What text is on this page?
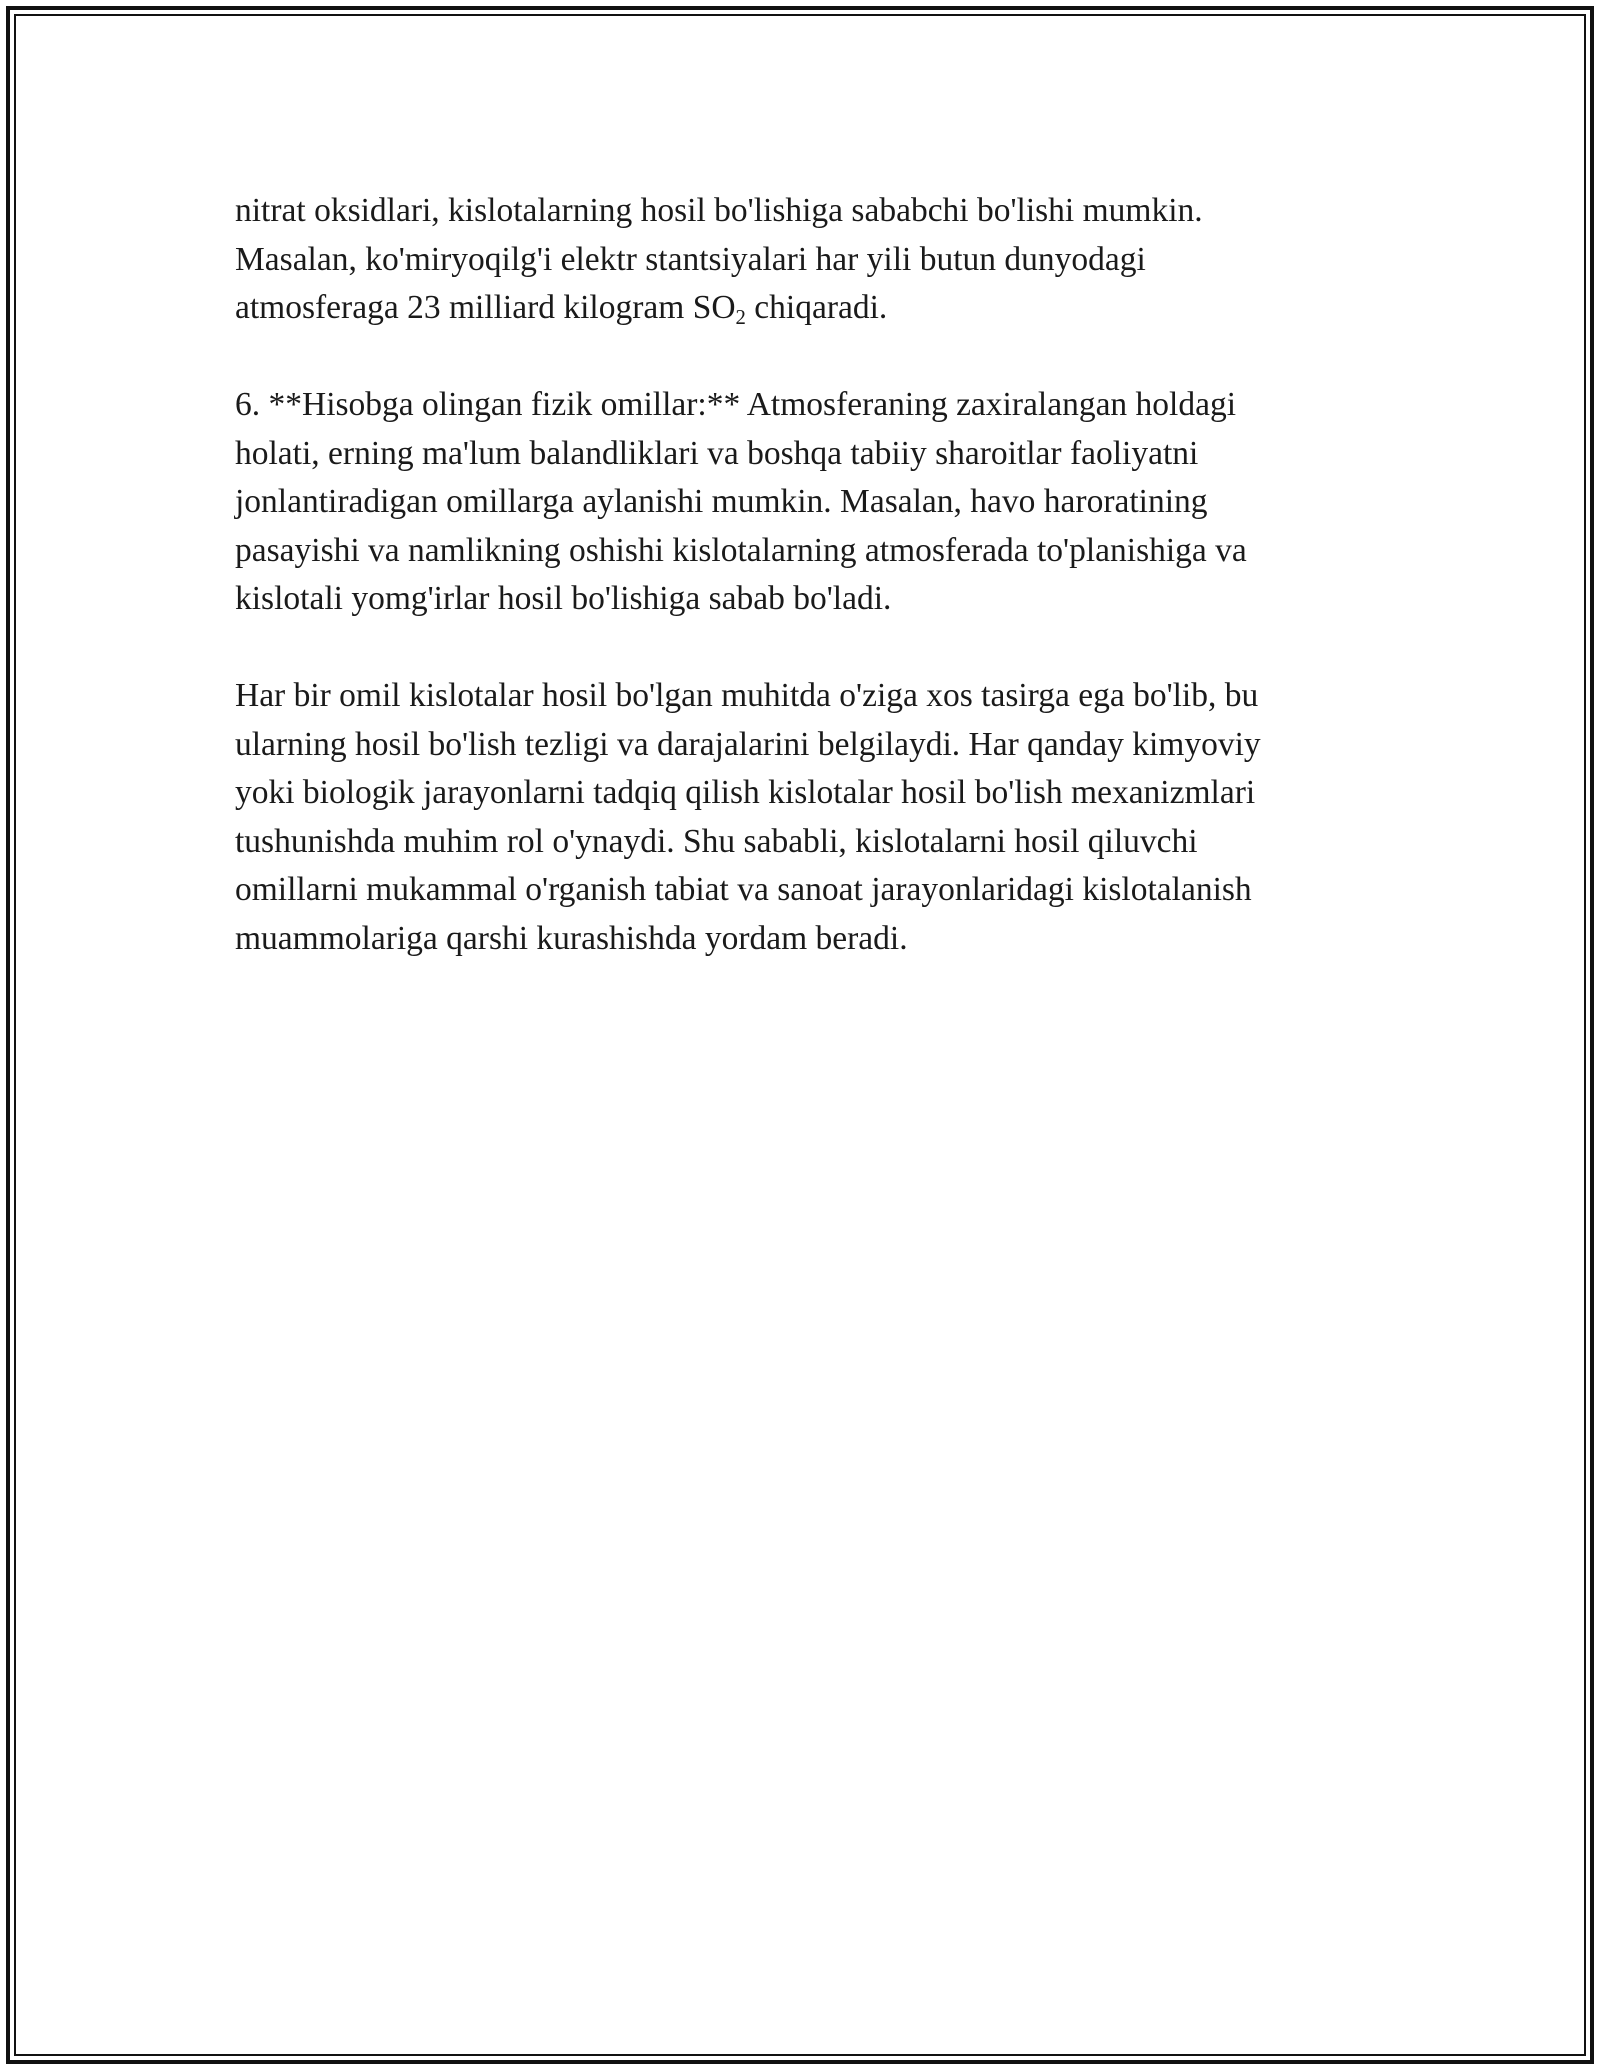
nitrat oksidlari, kislotalarning hosil bo'lishiga sababchi bo'lishi mumkin.
Masalan, ko'miryoqilg'i elektr stantsiyalari har yili butun dunyodagi
atmosferaga 23 milliard kilogram $SO_2$ chiqaradi.

6. **Hisobga olingan fizik omillar:** Atmosferaning zaxiralangan holdagi
holati, erning ma'lum balandliklari va boshqa tabiiy sharoitlar faoliyatni
jonlantiradigan omillarga aylanishi mumkin. Masalan, havo haroratining
pasayishi va namlikning oshishi kislotalarning atmosferada to'planishiga va
kislotali yomg'irlar hosil bo'lishiga sabab bo'ladi.

Har bir omil kislotalar hosil bo'lgan muhitda o'ziga xos tasirga ega bo'lib, bu
ularning hosil bo'lish tezligi va darajalarini belgilaydi. Har qanday kimyoviy
yoki biologik jarayonlarni tadqiq qilish kislotalar hosil bo'lish mexanizmlari
tushunishda muhim rol o'ynaydi. Shu sababli, kislotalarni hosil qiluvchi
omillarni mukammal o'rganish tabiat va sanoat jarayonlaridagi kislotalanish
muammolariga qarshi kurashishda yordam beradi.
